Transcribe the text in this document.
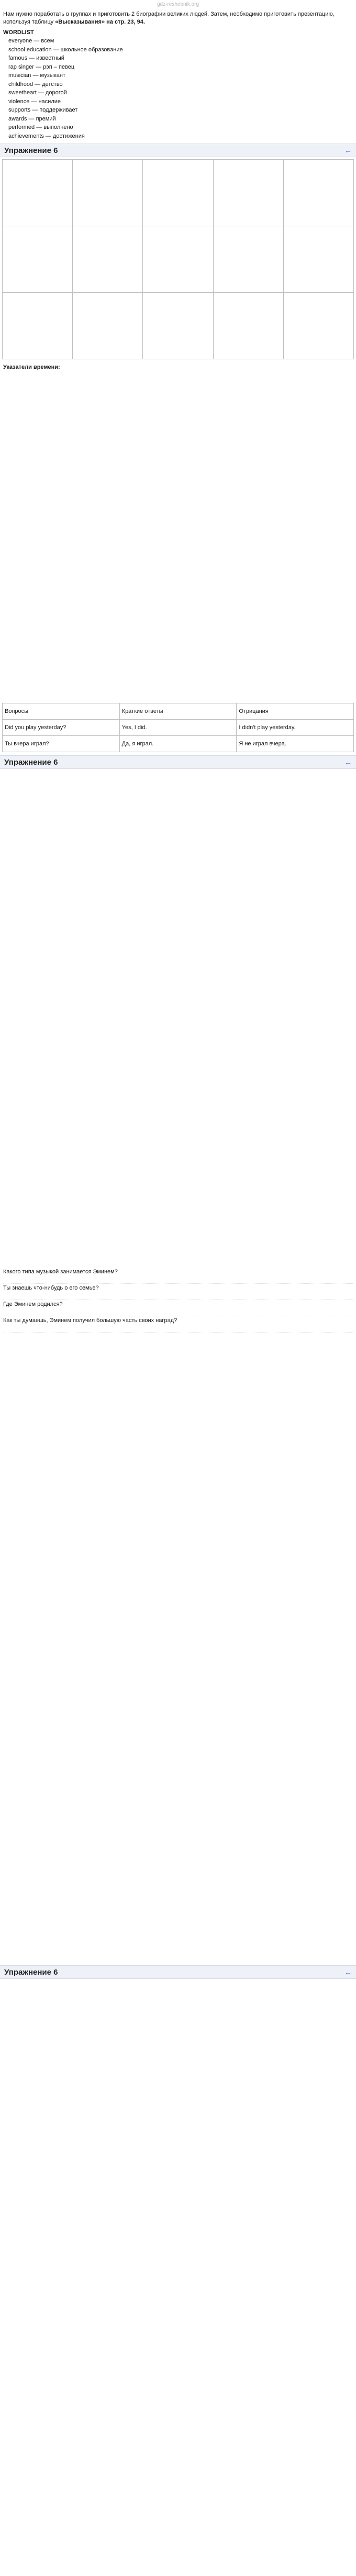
gdz-reshebnik.org
Нам нужно поработать в группах и приготовить 2 биографии великих людей. Затем, необходимо приготовить презентацию, используя таблицу «Высказывания» на стр. 23, 94.
WORDLIST
everyone — всем
school education — школьное образование
famous — известный
rap singer — рэп – певец
musician — музыкант
childhood — детство
sweetheart — дорогой
violence — насилие
supports — поддерживает
awards — премий
performed — выполнено
achievements — достижения
Упражнение 6	←

Указатели времени:
Вопросы	Краткие ответы	Отрицания
Did you play yesterday?	Yes, I did.	I didn't play yesterday.
Ты вчера играл?	Да, я играл.	Я не играл вчера.
Упражнение 6	←
Какого типа музыкой занимается Эминем?
Ты знаешь что-нибудь о его семье?
Где Эминем родился?
Как ты думаешь, Эминем получил большую часть своих наград?
Упражнение 6	←
